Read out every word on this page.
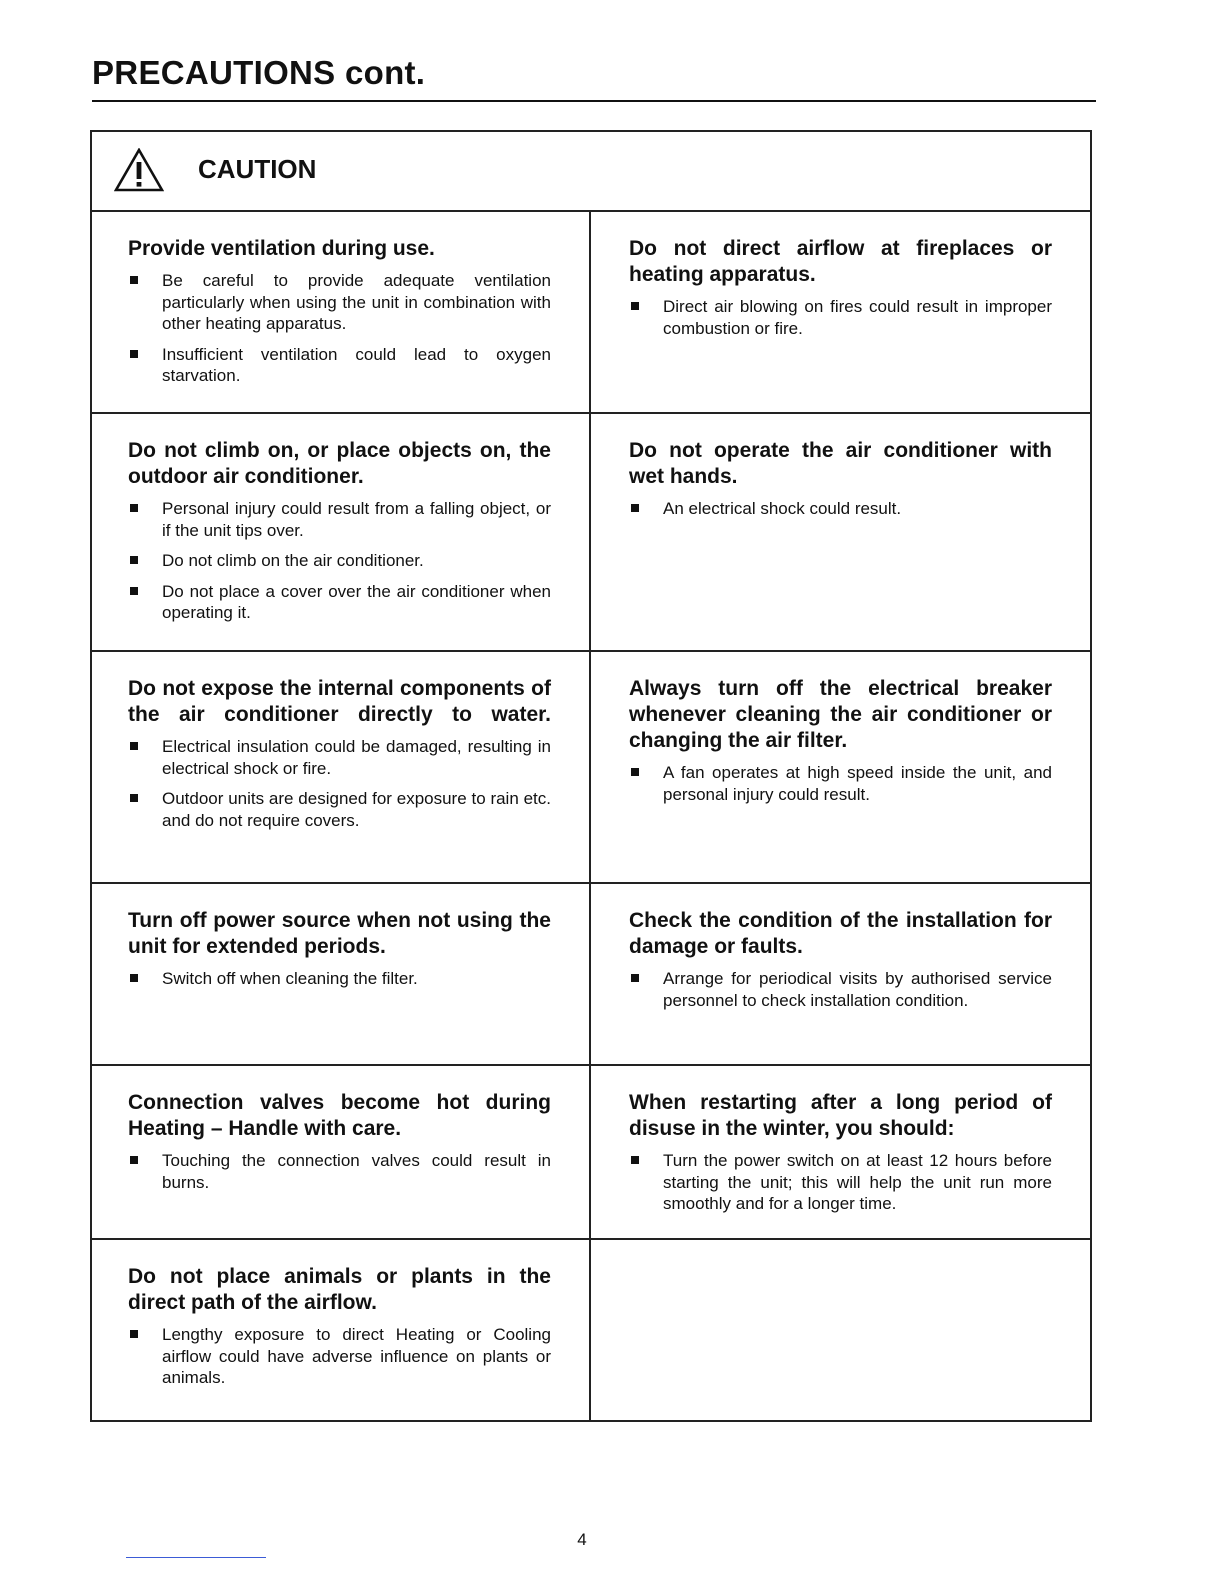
PRECAUTIONS cont.
CAUTION
Provide ventilation during use.
Be careful to provide adequate ventilation particularly when using the unit in combination with other heating apparatus.
Insufficient ventilation could lead to oxygen starvation.
Do not direct airflow at fireplaces or heating apparatus.
Direct air blowing on fires could result in improper combustion or fire.
Do not climb on, or place objects on, the outdoor air conditioner.
Personal injury could result from a falling object, or if the unit tips over.
Do not climb on the air conditioner.
Do not place a cover over the air conditioner when operating it.
Do not operate the air conditioner with wet hands.
An electrical shock could result.
Do not expose the internal components of the air conditioner directly to water.
Electrical insulation could be damaged, resulting in electrical shock or fire.
Outdoor units are designed for exposure to rain etc. and do not require covers.
Always turn off the electrical breaker whenever cleaning the air conditioner or changing the air filter.
A fan operates at high speed inside the unit, and personal injury could result.
Turn off power source when not using the unit for extended periods.
Switch off when cleaning the filter.
Check the condition of the installation for damage or faults.
Arrange for periodical visits by authorised service personnel to check installation condition.
Connection valves become hot during Heating – Handle with care.
Touching the connection valves could result in burns.
When restarting after a long period of disuse in the winter, you should:
Turn the power switch on at least 12 hours before starting the unit; this will help the unit run more smoothly and for a longer time.
Do not place animals or plants in the direct path of the airflow.
Lengthy exposure to direct Heating or Cooling airflow could have adverse influence on plants or animals.
4
